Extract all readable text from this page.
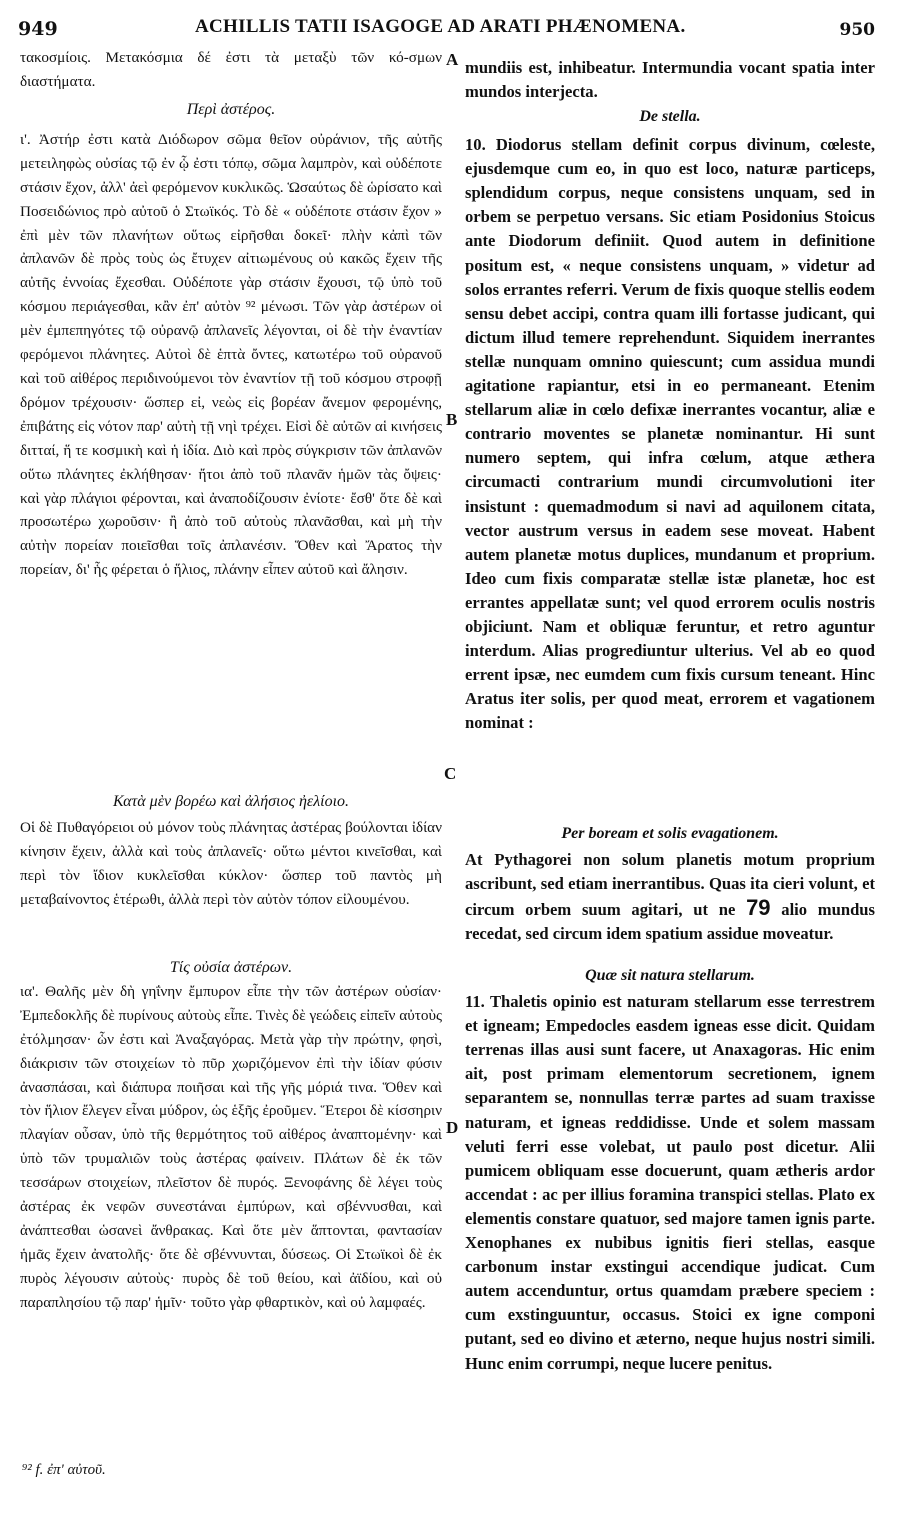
949	ACHILLIS TATII ISAGOGE AD ARATI PHÆNOMENA.	950

τακοσμίοις. Μετακόσμια δέ ἐστι τὰ μεταξὺ τῶν κό-σμων διαστήματα.

Περὶ ἀστέρος.

ι'. Ἀστήρ ἐστι κατὰ Διόδωρον σῶμα θεῖον οὐράνιον, τῆς αὐτῆς μετειληφὼς οὐσίας τῷ ἐν ᾧ ἐστι τόπῳ, σῶμα λαμπρὸν, καὶ οὐδέποτε στάσιν ἔχον, ἀλλ' ἀεὶ φερόμενον κυκλικῶς. Ὡσαύτως δὲ ὡρίσατο καὶ Ποσειδώνιος πρὸ αὐτοῦ ὁ Στωϊκός. Τὸ δὲ « οὐδέποτε στάσιν ἔχον » ἐπὶ μὲν τῶν πλανήτων οὕτως εἰρῆσθαι δοκεῖ· πλὴν κἀπὶ τῶν ἀπλανῶν δὲ πρὸς τοὺς ὡς ἔτυχεν αἰτιωμένους οὐ κακῶς ἔχειν τῆς αὐτῆς ἐννοίας ἔχεσθαι. Οὐδέποτε γὰρ στάσιν ἔχουσι, τῷ ὑπὸ τοῦ κόσμου περιάγεσθαι, κἂν ἐπ' αὐτὸν ⁹² μένωσι. Τῶν γὰρ ἀστέρων οἱ μὲν ἐμπεπηγότες τῷ οὐρανῷ ἀπλανεῖς λέγονται, οἱ δὲ τὴν ἐναντίαν φερόμενοι πλάνητες. Αὐτοὶ δὲ ἑπτὰ ὄντες, κατωτέρω τοῦ οὐρανοῦ καὶ τοῦ αἰθέρος περιδινούμενοι τὸν ἐναντίον τῇ τοῦ κόσμου στροφῇ δρόμον τρέχουσιν· ὥσπερ εἰ, νεὼς εἰς βορέαν ἄνεμον φερομένης, ἐπιβάτης εἰς νότον παρ' αὐτὴ τῇ νηὶ τρέχει. Εἰσὶ δὲ αὐτῶν αἱ κινήσεις διτταί, ἥ τε κοσμικὴ καὶ ἡ ἰδία. Διὸ καὶ πρὸς σύγκρισιν τῶν ἀπλανῶν οὕτω πλάνητες ἐκλήθησαν· ἤτοι ἀπὸ τοῦ πλανᾶν ἡμῶν τὰς ὄψεις· καὶ γὰρ πλάγιοι φέρονται, καὶ ἀναποδίζουσιν ἐνίοτε· ἔσθ' ὅτε δὲ καὶ προσωτέρω χωροῦσιν· ἢ ἀπὸ τοῦ αὐτοὺς πλανᾶσθαι, καὶ μὴ τὴν αὐτὴν πορείαν ποιεῖσθαι τοῖς ἀπλανέσιν. Ὅθεν καὶ Ἄρατος τὴν πορείαν, δι' ἧς φέρεται ὁ ἥλιος, πλάνην εἶπεν αὐτοῦ καὶ ἄλησιν.

Κατὰ μὲν βορέω καὶ ἀλήσιος ἠελίοιο.

Οἱ δὲ Πυθαγόρειοι οὐ μόνον τοὺς πλάνητας ἀστέρας βούλονται ἰδίαν κίνησιν ἔχειν, ἀλλὰ καὶ τοὺς ἀπλανεῖς· οὕτω μέντοι κινεῖσθαι, καὶ περὶ τὸν ἴδιον κυκλεῖσθαι κύκλον· ὥσπερ τοῦ παντὸς μὴ μεταβαίνοντος ἑτέρωθι, ἀλλὰ περὶ τὸν αὐτὸν τόπον εἰλουμένου.

Τίς οὐσία ἀστέρων.

ια'. Θαλῆς μὲν δὴ γηΐνην ἔμπυρον εἶπε τὴν τῶν ἀστέρων οὐσίαν· Ἐμπεδοκλῆς δὲ πυρίνους αὐτοὺς εἶπε. Τινὲς δὲ γεώδεις εἰπεῖν αὐτοὺς ἐτόλμησαν· ὧν ἐστι καὶ Ἀναξαγόρας. Μετὰ γὰρ τὴν πρώτην, φησὶ, διάκρισιν τῶν στοιχείων τὸ πῦρ χωριζόμενον ἐπὶ τὴν ἰδίαν φύσιν ἀνασπάσαι, καὶ διάπυρα ποιῆσαι καὶ τῆς γῆς μόριά τινα. Ὅθεν καὶ τὸν ἥλιον ἔλεγεν εἶναι μύδρον, ὡς ἑξῆς ἐροῦμεν. Ἕτεροι δὲ κίσσηριν πλαγίαν οὖσαν, ὑπὸ τῆς θερμότητος τοῦ αἰθέρος ἀναπτομένην· καὶ ὑπὸ τῶν τρυμαλιῶν τοὺς ἀστέρας φαίνειν. Πλάτων δὲ ἐκ τῶν τεσσάρων στοιχείων, πλεῖστον δὲ πυρός. Ξενοφάνης δὲ λέγει τοὺς ἀστέρας ἐκ νεφῶν συνεστάναι ἐμπύρων, καὶ σβέννυσθαι, καὶ ἀνάπτεσθαι ὡσανεὶ ἄνθρακας. Καὶ ὅτε μὲν ἅπτονται, φαντασίαν ἡμᾶς ἔχειν ἀνατολῆς· ὅτε δὲ σβέννυνται, δύσεως. Οἱ Στωϊκοὶ δὲ ἐκ πυρὸς λέγουσιν αὐτοὺς· πυρὸς δὲ τοῦ θείου, καὶ ἀϊδίου, καὶ οὐ παραπλησίου τῷ παρ' ἡμῖν· τοῦτο γὰρ φθαρτικὸν, καὶ οὐ λαμφαές.

A
B
C
D

mundiis est, inhibeatur. Intermundia vocant spatia inter mundos interjecta.

De stella.

10. Diodorus stellam definit corpus divinum, cœleste, ejusdemque cum eo, in quo est loco, naturæ particeps, splendidum corpus, neque consistens unquam, sed in orbem se perpetuo versans. Sic etiam Posidonius Stoicus ante Diodorum definiit. Quod autem in definitione positum est, « neque consistens unquam, » videtur ad solos errantes referri. Verum de fixis quoque stellis eodem sensu debet accipi, contra quam illi fortasse judicant, qui dictum illud temere reprehendunt. Siquidem inerrantes stellæ nunquam omnino quiescunt; cum assidua mundi agitatione rapiantur, etsi in eo permaneant. Etenim stellarum aliæ in cœlo defixæ inerrantes vocantur, aliæ e contrario moventes se planetæ nominantur. Hi sunt numero septem, qui infra cœlum, atque æthera circumacti contrarium mundi circumvolutioni iter insistunt : quemadmodum si navi ad aquilonem citata, vector austrum versus in eadem sese moveat. Habent autem planetæ motus duplices, mundanum et proprium. Ideo cum fixis comparatæ stellæ istæ planetæ, hoc est errantes appellatæ sunt; vel quod errorem oculis nostris objiciunt. Nam et obliquæ feruntur, et retro aguntur interdum. Alias progrediuntur ulterius. Vel ab eo quod errent ipsæ, nec eumdem cum fixis cursum teneant. Hinc Aratus iter solis, per quod meat, errorem et vagationem nominat :

Per boream et solis evagationem.

At Pythagorei non solum planetis motum proprium ascribunt, sed etiam inerrantibus. Quas ita cieri volunt, et circum orbem suum agitari, ut ne 79 alio mundus recedat, sed circum idem spatium assidue moveatur.

Quæ sit natura stellarum.

11. Thaletis opinio est naturam stellarum esse terrestrem et igneam; Empedocles easdem igneas esse dicit. Quidam terrenas illas ausi sunt facere, ut Anaxagoras. Hic enim ait, post primam elementorum secretionem, ignem separantem se, nonnullas terræ partes ad suam traxisse naturam, et igneas reddidisse. Unde et solem massam veluti ferri esse volebat, ut paulo post dicetur. Alii pumicem obliquam esse docuerunt, quam ætheris ardor accendat : ac per illius foramina transpici stellas. Plato ex elementis constare quatuor, sed majore tamen ignis parte. Xenophanes ex nubibus ignitis fieri stellas, easque carbonum instar exstingui accendique judicat. Cum autem accenduntur, ortus quamdam præbere speciem : cum exstinguuntur, occasus. Stoici ex igne componi putant, sed eo divino et æterno, neque hujus nostri simili. Hunc enim corrumpi, neque lucere penitus.

⁹² f. ἐπ' αὐτοῦ.
